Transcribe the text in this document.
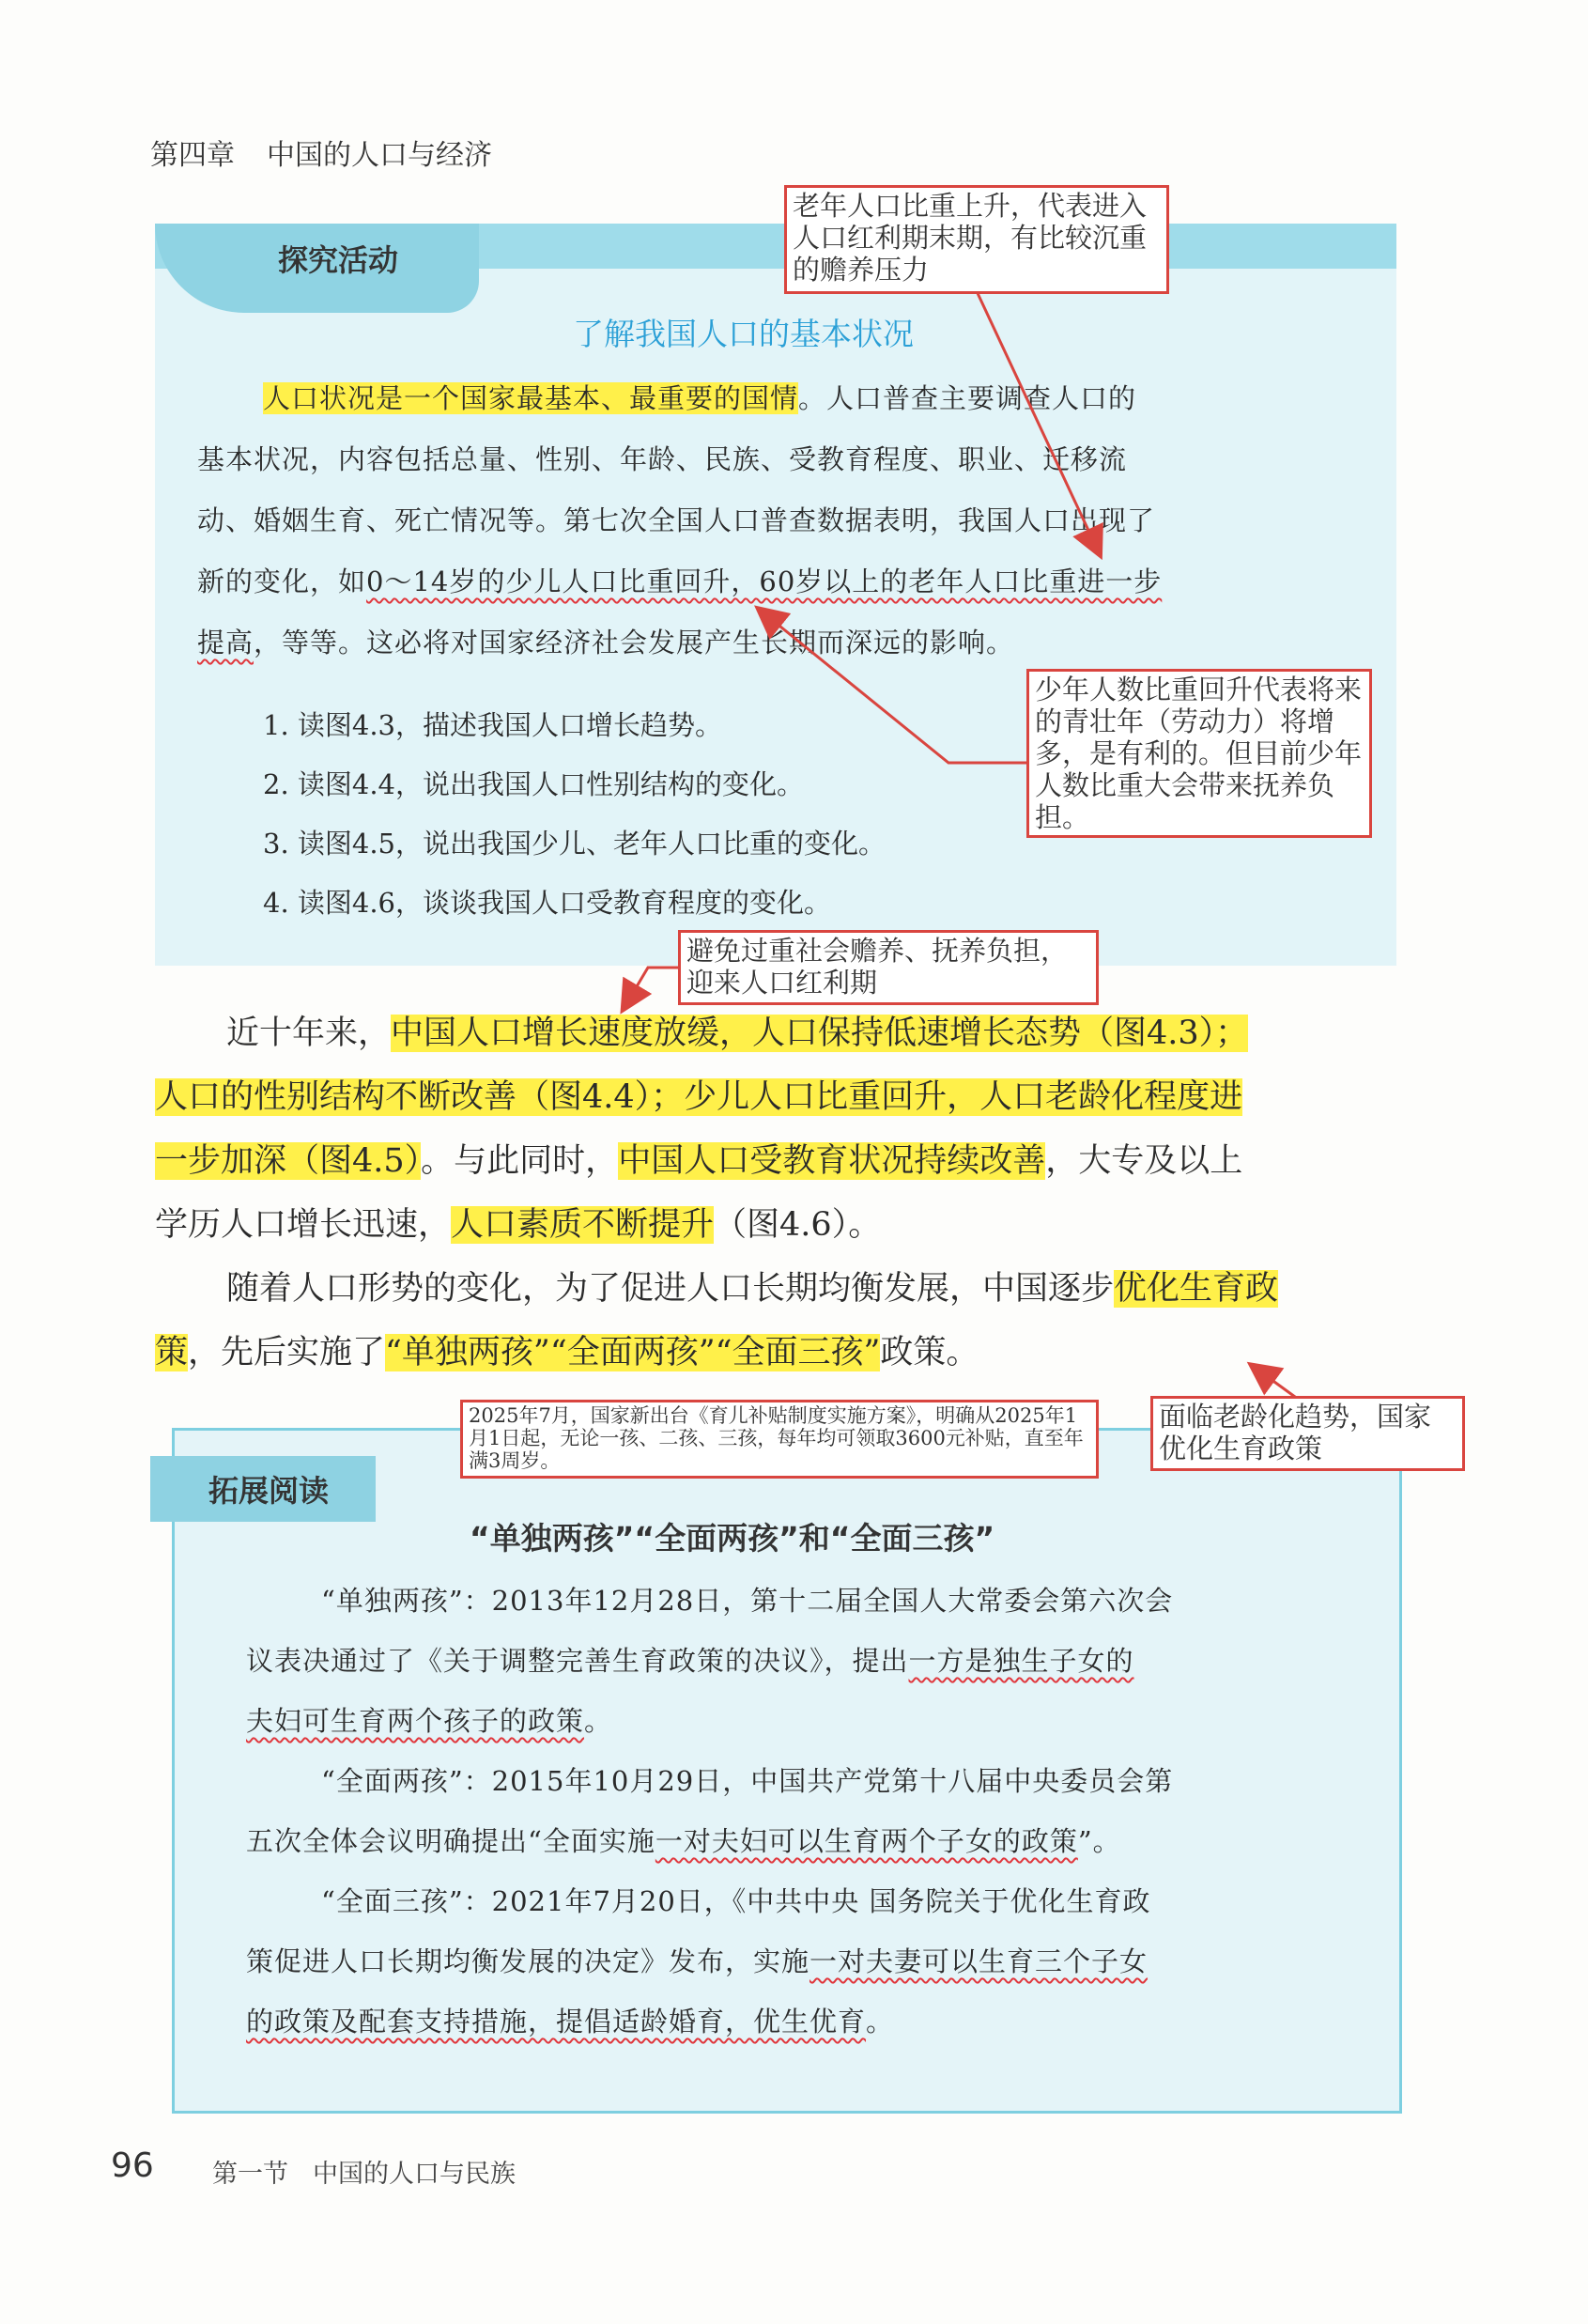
第四章 中国的人口与经济
探究活动
了解我国人口的基本状况
人口状况是一个国家最基本、最重要的国情。人口普查主要调查人口的
基本状况，内容包括总量、性别、年龄、民族、受教育程度、职业、迁移流
动、婚姻生育、死亡情况等。第七次全国人口普查数据表明，我国人口出现了
新的变化，如0～14岁的少儿人口比重回升，60岁以上的老年人口比重进一步
提高，等等。这必将对国家经济社会发展产生长期而深远的影响。
1. 读图4.3，描述我国人口增长趋势。
2. 读图4.4，说出我国人口性别结构的变化。
3. 读图4.5，说出我国少儿、老年人口比重的变化。
4. 读图4.6，谈谈我国人口受教育程度的变化。
近十年来，中国人口增长速度放缓，人口保持低速增长态势（图4.3）；
人口的性别结构不断改善（图4.4）；少儿人口比重回升，人口老龄化程度进
一步加深（图4.5）。与此同时，中国人口受教育状况持续改善，大专及以上
学历人口增长迅速，人口素质不断提升（图4.6）。
随着人口形势的变化，为了促进人口长期均衡发展，中国逐步优化生育政
策，先后实施了“单独两孩”“全面两孩”“全面三孩”政策。
拓展阅读
“单独两孩”“全面两孩”和“全面三孩”
“单独两孩”：2013年12月28日，第十二届全国人大常委会第六次会
议表决通过了《关于调整完善生育政策的决议》，提出一方是独生子女的
夫妇可生育两个孩子的政策。
“全面两孩”：2015年10月29日，中国共产党第十八届中央委员会第
五次全体会议明确提出“全面实施一对夫妇可以生育两个子女的政策”。
“全面三孩”：2021年7月20日，《中共中央 国务院关于优化生育政
策促进人口长期均衡发展的决定》发布，实施一对夫妻可以生育三个子女
的政策及配套支持措施，提倡适龄婚育，优生优育。
老年人口比重上升，代表进入人口红利期末期，有比较沉重的赡养压力
少年人数比重回升代表将来的青壮年（劳动力）将增多，是有利的。但目前少年人数比重大会带来抚养负担。
避免过重社会赡养、抚养负担，迎来人口红利期
2025年7月，国家新出台《育儿补贴制度实施方案》，明确从2025年1月1日起，无论一孩、二孩、三孩，每年均可领取3600元补贴，直至年满3周岁。
面临老龄化趋势，国家优化生育政策
96 第一节 中国的人口与民族
